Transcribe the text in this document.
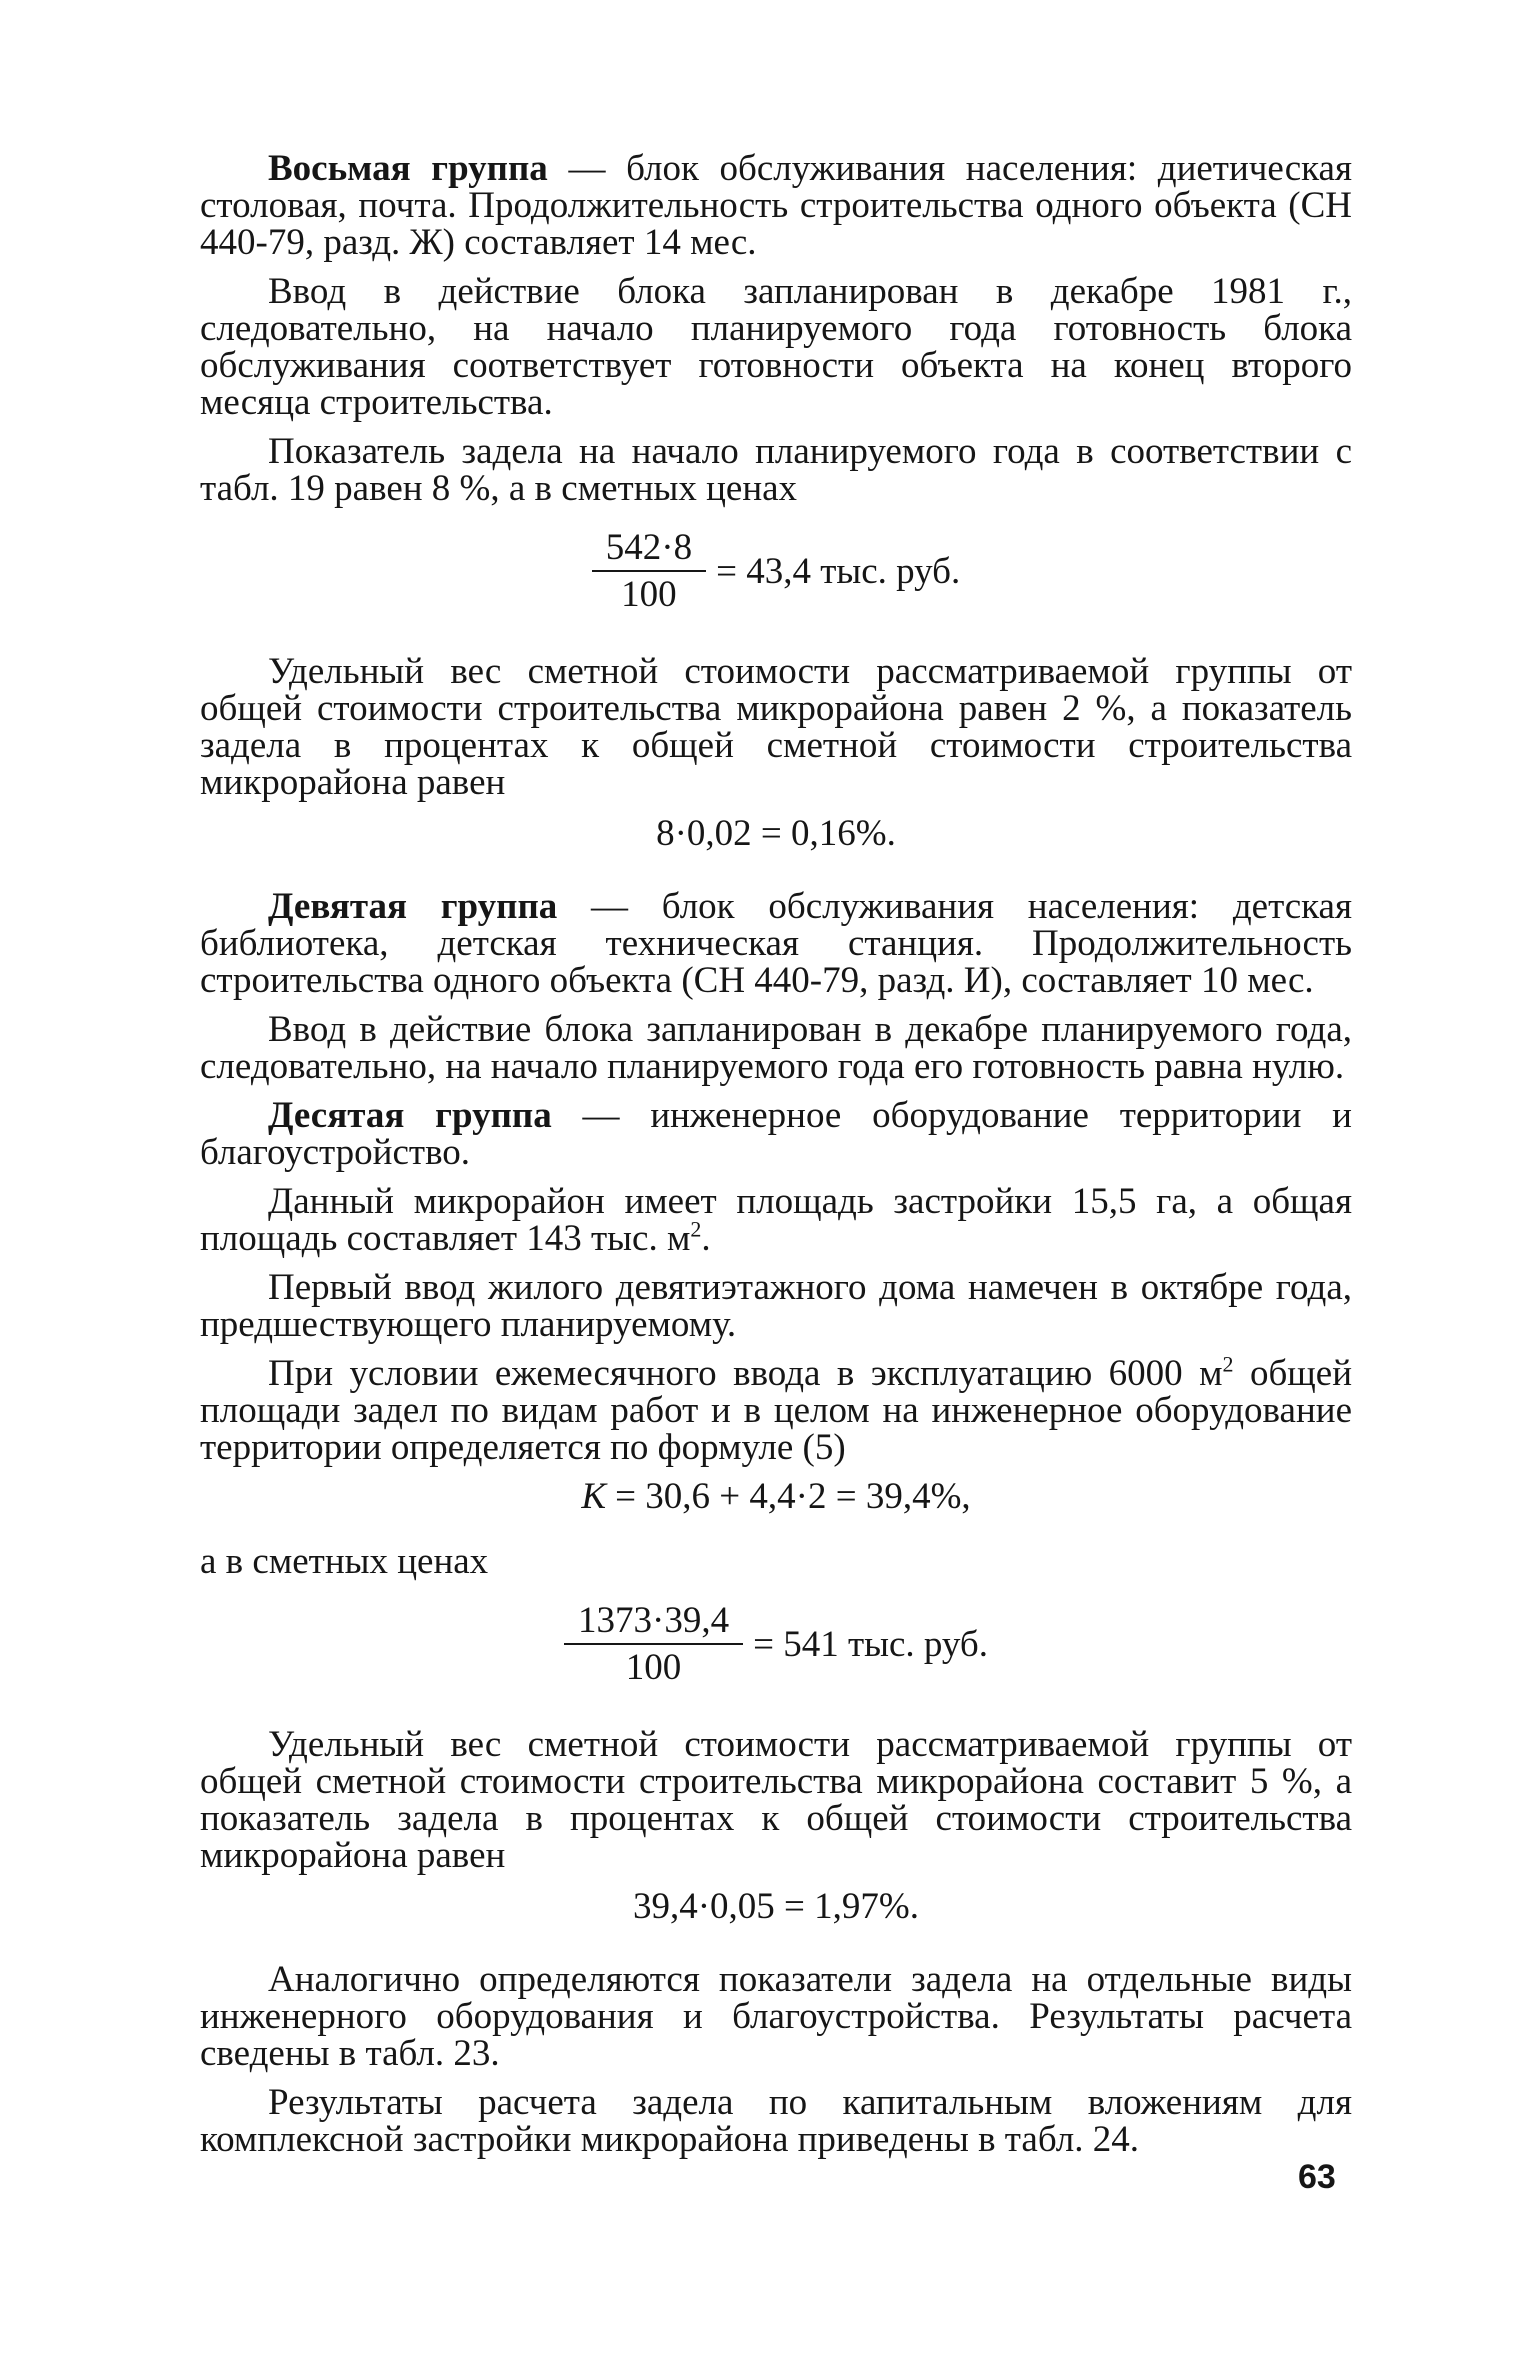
Восьмая группа — блок обслуживания населения: диетическая столовая, почта. Продолжительность строительства одного объекта (СН 440-79, разд. Ж) составляет 14 мес.

Ввод в действие блока запланирован в декабре 1981 г., следовательно, на начало планируемого года готовность блока обслуживания соответствует готовности объекта на конец второго месяца строительства.

Показатель задела на начало планируемого года в соответствии с табл. 19 равен 8 %, а в сметных ценах

$\frac{542\cdot 8}{100} = 43,4$ тыс. руб.

Удельный вес сметной стоимости рассматриваемой группы от общей стоимости строительства микрорайона равен 2 %, а показатель задела в процентах к общей сметной стоимости строительства микрорайона равен

8·0,02 = 0,16%.

Девятая группа — блок обслуживания населения: детская библиотека, детская техническая станция. Продолжительность строительства одного объекта (СН 440-79, разд. И), составляет 10 мес.

Ввод в действие блока запланирован в декабре планируемого года, следовательно, на начало планируемого года его готовность равна нулю.

Десятая группа — инженерное оборудование территории и благоустройство.

Данный микрорайон имеет площадь застройки 15,5 га, а общая площадь составляет 143 тыс. $м^2$.

Первый ввод жилого девятиэтажного дома намечен в октябре года, предшествующего планируемому.

При условии ежемесячного ввода в эксплуатацию 6000 $м^2$ общей площади задел по видам работ и в целом на инженерное оборудование территории определяется по формуле (5)

К = 30,6 + 4,4·2 = 39,4%,

а в сметных ценах

$\frac{1373\cdot 39,4}{100} = 541$ тыс. руб.

Удельный вес сметной стоимости рассматриваемой группы от общей сметной стоимости строительства микрорайона составит 5 %, а показатель задела в процентах к общей стоимости строительства микрорайона равен

39,4·0,05 = 1,97%.

Аналогично определяются показатели задела на отдельные виды инженерного оборудования и благоустройства. Результаты расчета сведены в табл. 23.

Результаты расчета задела по капитальным вложениям для комплексной застройки микрорайона приведены в табл. 24.

63
